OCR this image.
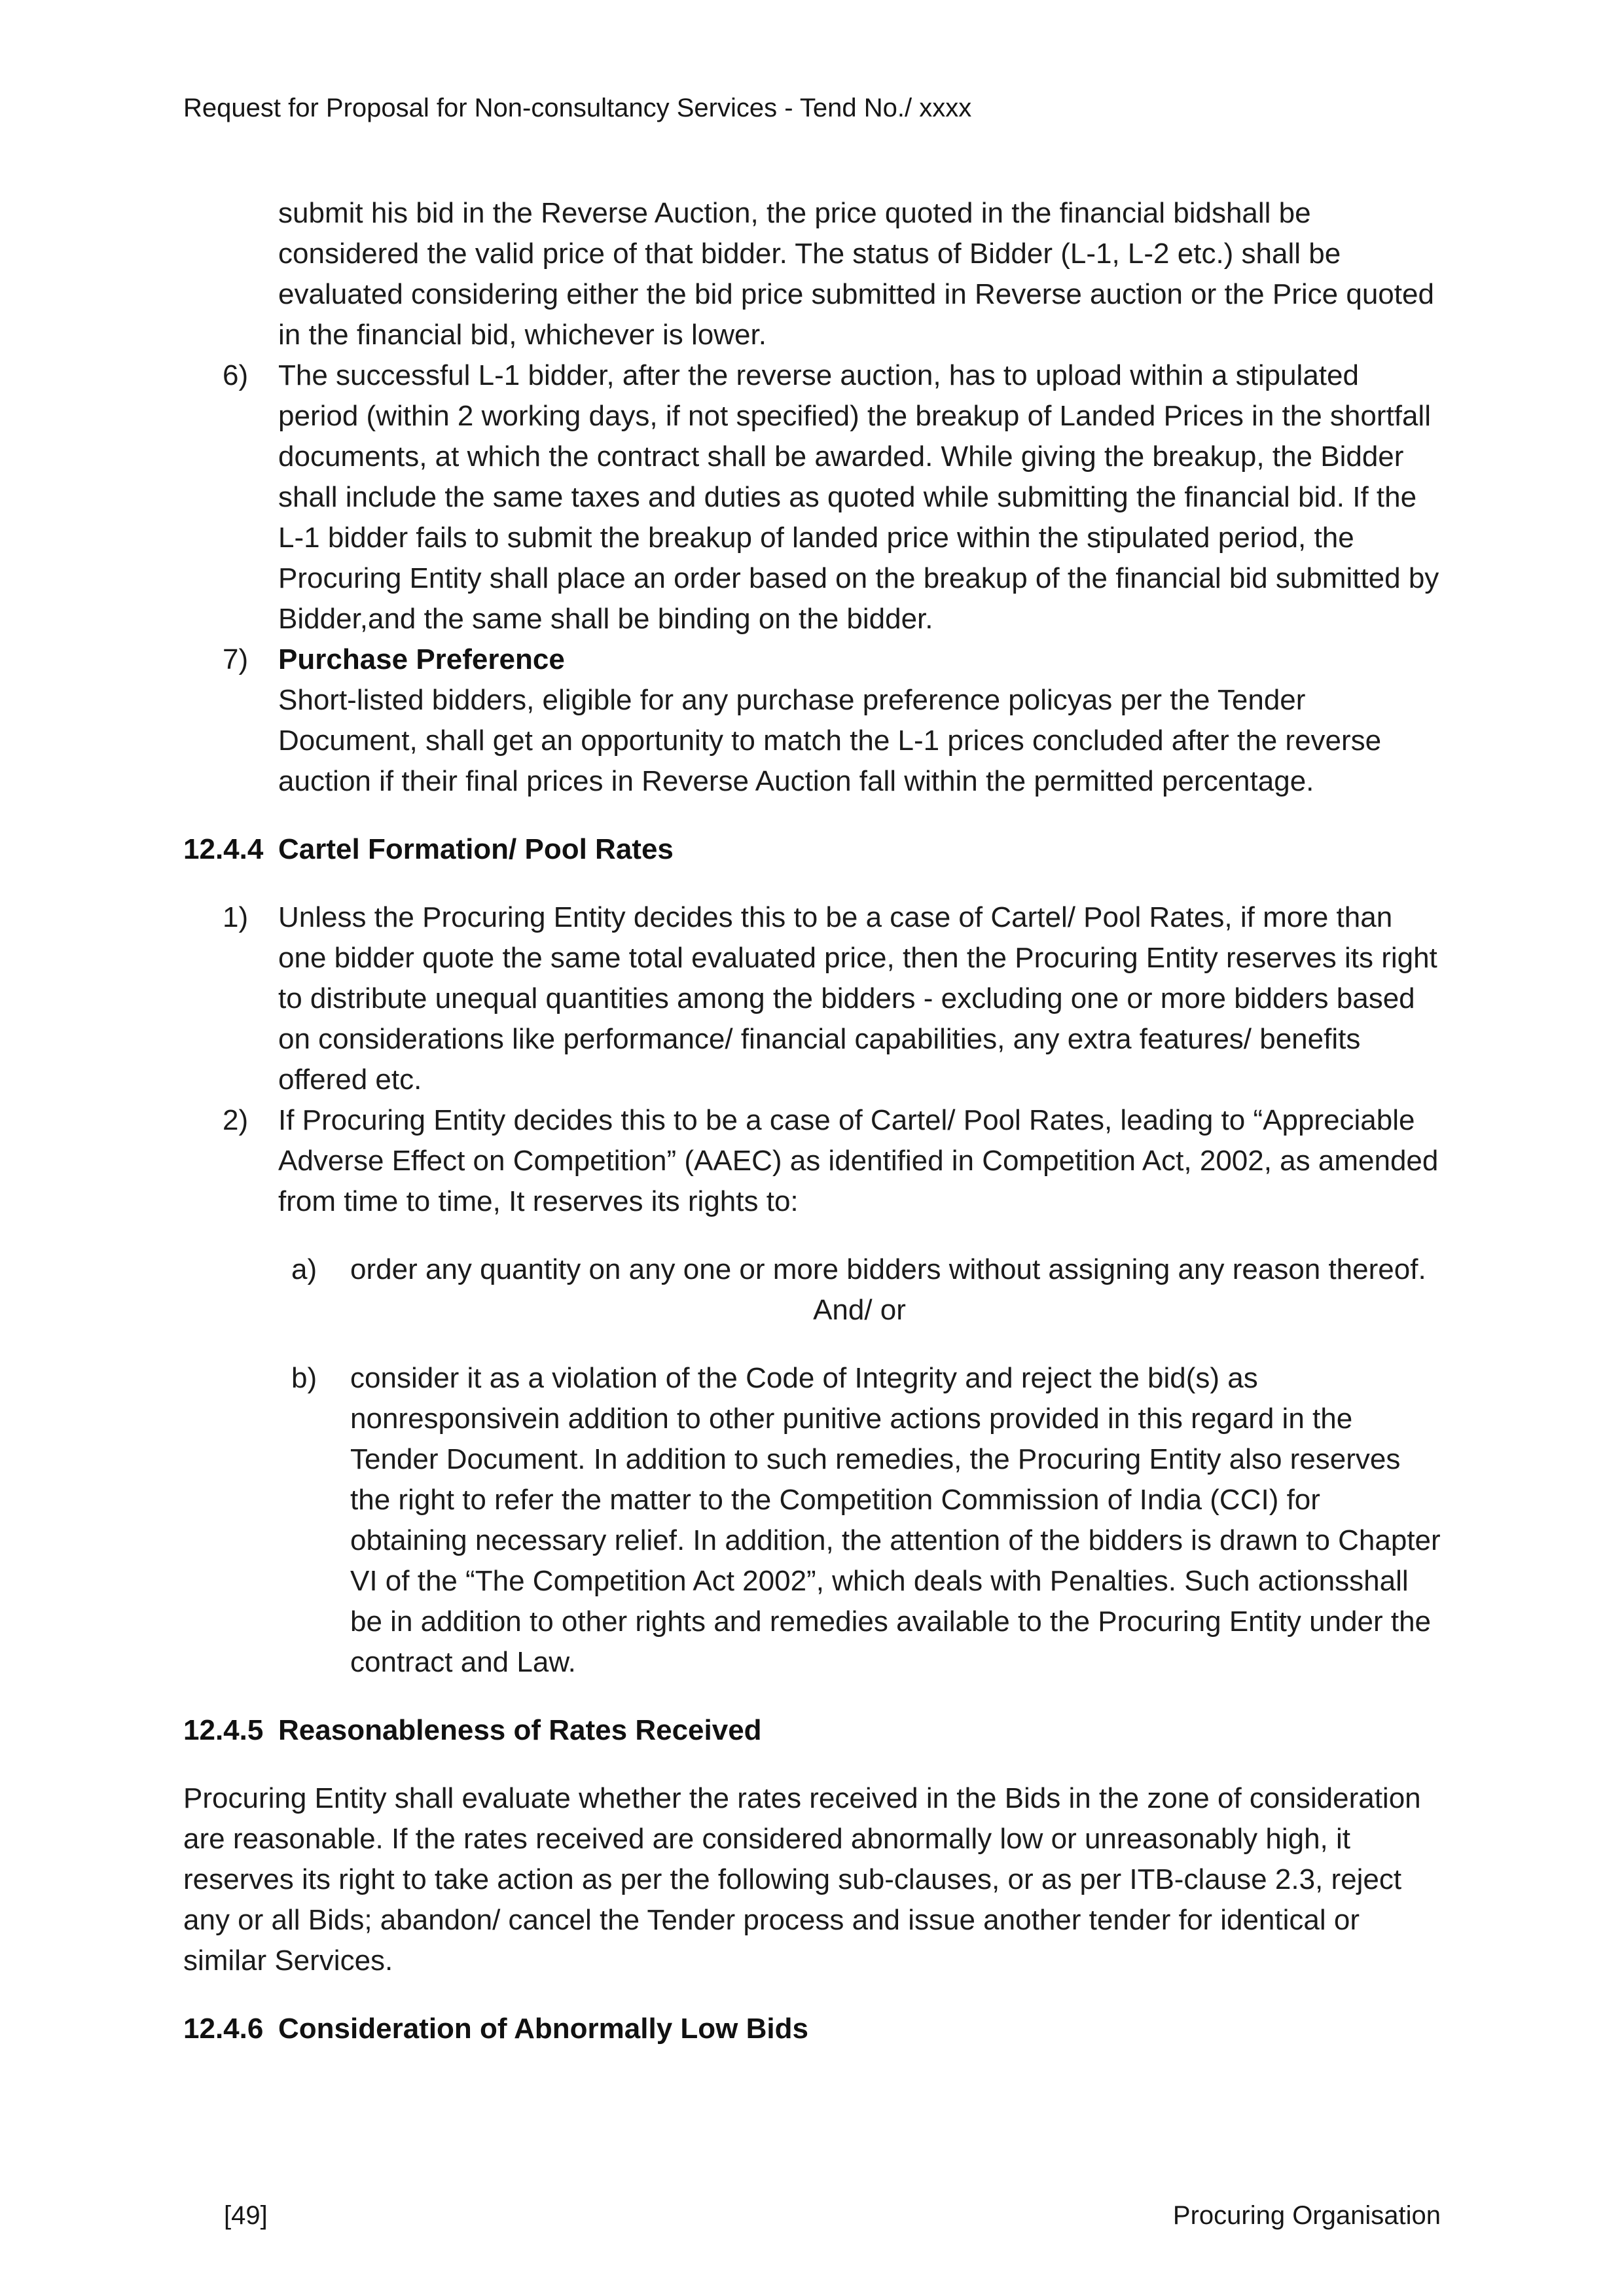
Request for Proposal for Non-consultancy Services - Tend No./ xxxx

submit his bid in the Reverse Auction, the price quoted in the financial bidshall be considered the valid price of that bidder. The status of Bidder (L-1, L-2 etc.) shall be evaluated considering either the bid price submitted in Reverse auction or the Price quoted in the financial bid, whichever is lower.

6)	The successful L-1 bidder, after the reverse auction, has to upload within a stipulated period (within 2 working days, if not specified) the breakup of Landed Prices in the shortfall documents, at which the contract shall be awarded. While giving the breakup, the Bidder shall include the same taxes and duties as quoted while submitting the financial bid. If the L-1 bidder fails to submit the breakup of landed price within the stipulated period, the Procuring Entity shall place an order based on the breakup of the financial bid submitted by Bidder,and the same shall be binding on the bidder.
7)	Purchase Preference

Short-listed bidders, eligible for any purchase preference policyas per the Tender Document, shall get an opportunity to match the L-1 prices concluded after the reverse auction if their final prices in Reverse Auction fall within the permitted percentage.

12.4.4 Cartel Formation/ Pool Rates
1)	Unless the Procuring Entity decides this to be a case of Cartel/ Pool Rates, if more than one bidder quote the same total evaluated price, then the Procuring Entity reserves its right to distribute unequal quantities among the bidders - excluding one or more bidders based on considerations like performance/ financial capabilities, any extra features/ benefits offered etc.
2)	If Procuring Entity decides this to be a case of Cartel/ Pool Rates, leading to “Appreciable Adverse Effect on Competition” (AAEC) as identified in Competition Act, 2002, as amended from time to time, It reserves its rights to:
a)	order any quantity on any one or more bidders without assigning any reason thereof.

And/ or

b)	consider it as a violation of the Code of Integrity and reject the bid(s) as nonresponsivein addition to other punitive actions provided in this regard in the Tender Document. In addition to such remedies, the Procuring Entity also reserves the right to refer the matter to the Competition Commission of India (CCI) for obtaining necessary relief. In addition, the attention of the bidders is drawn to Chapter VI of the “The Competition Act 2002”, which deals with Penalties. Such actionsshall be in addition to other rights and remedies available to the Procuring Entity under the contract and Law.
12.4.5 Reasonableness of Rates Received

Procuring Entity shall evaluate whether the rates received in the Bids in the zone of consideration are reasonable. If the rates received are considered abnormally low or unreasonably high, it reserves its right to take action as per the following sub-clauses, or as per ITB-clause 2.3, reject any or all Bids; abandon/ cancel the Tender process and issue another tender for identical or similar Services.

12.4.6 Consideration of Abnormally Low Bids
[49]	Procuring Organisation
